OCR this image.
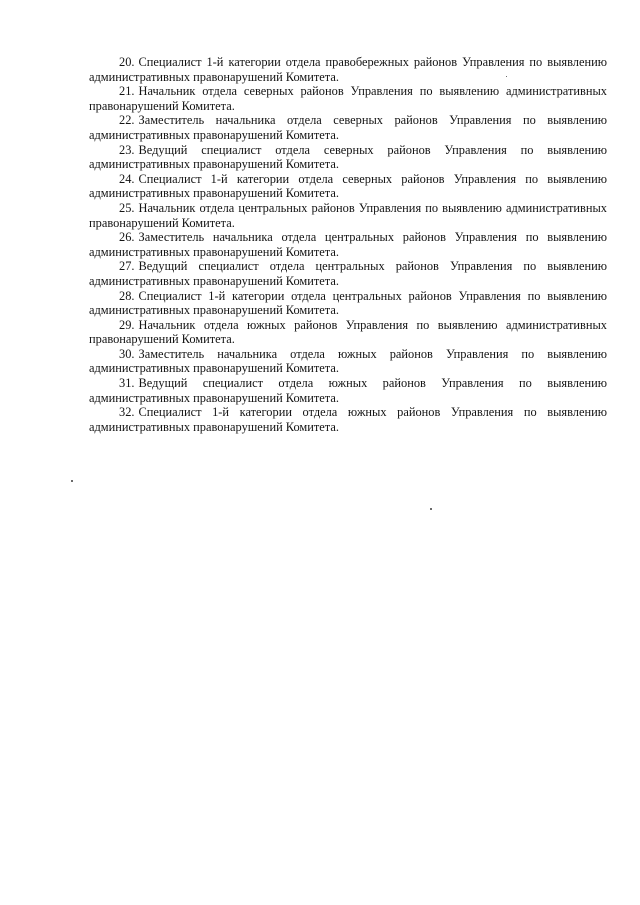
20. Специалист 1-й категории отдела правобережных районов Управления по выявлению административных правонарушений Комитета.

21. Начальник отдела северных районов Управления по выявлению административных правонарушений Комитета.

22. Заместитель начальника отдела северных районов Управления по выявлению административных правонарушений Комитета.

23. Ведущий специалист отдела северных районов Управления по выявлению административных правонарушений Комитета.

24. Специалист 1-й категории отдела северных районов Управления по выявлению административных правонарушений Комитета.

25. Начальник отдела центральных районов Управления по выявлению административных правонарушений Комитета.

26. Заместитель начальника отдела центральных районов Управления по выявлению административных правонарушений Комитета.

27. Ведущий специалист отдела центральных районов Управления по выявлению административных правонарушений Комитета.

28. Специалист 1-й категории отдела центральных районов Управления по выявлению административных правонарушений Комитета.

29. Начальник отдела южных районов Управления по выявлению административных правонарушений Комитета.

30. Заместитель начальника отдела южных районов Управления по выявлению административных правонарушений Комитета.

31. Ведущий специалист отдела южных районов Управления по выявлению административных правонарушений Комитета.

32. Специалист 1-й категории отдела южных районов Управления по выявлению административных правонарушений Комитета.
